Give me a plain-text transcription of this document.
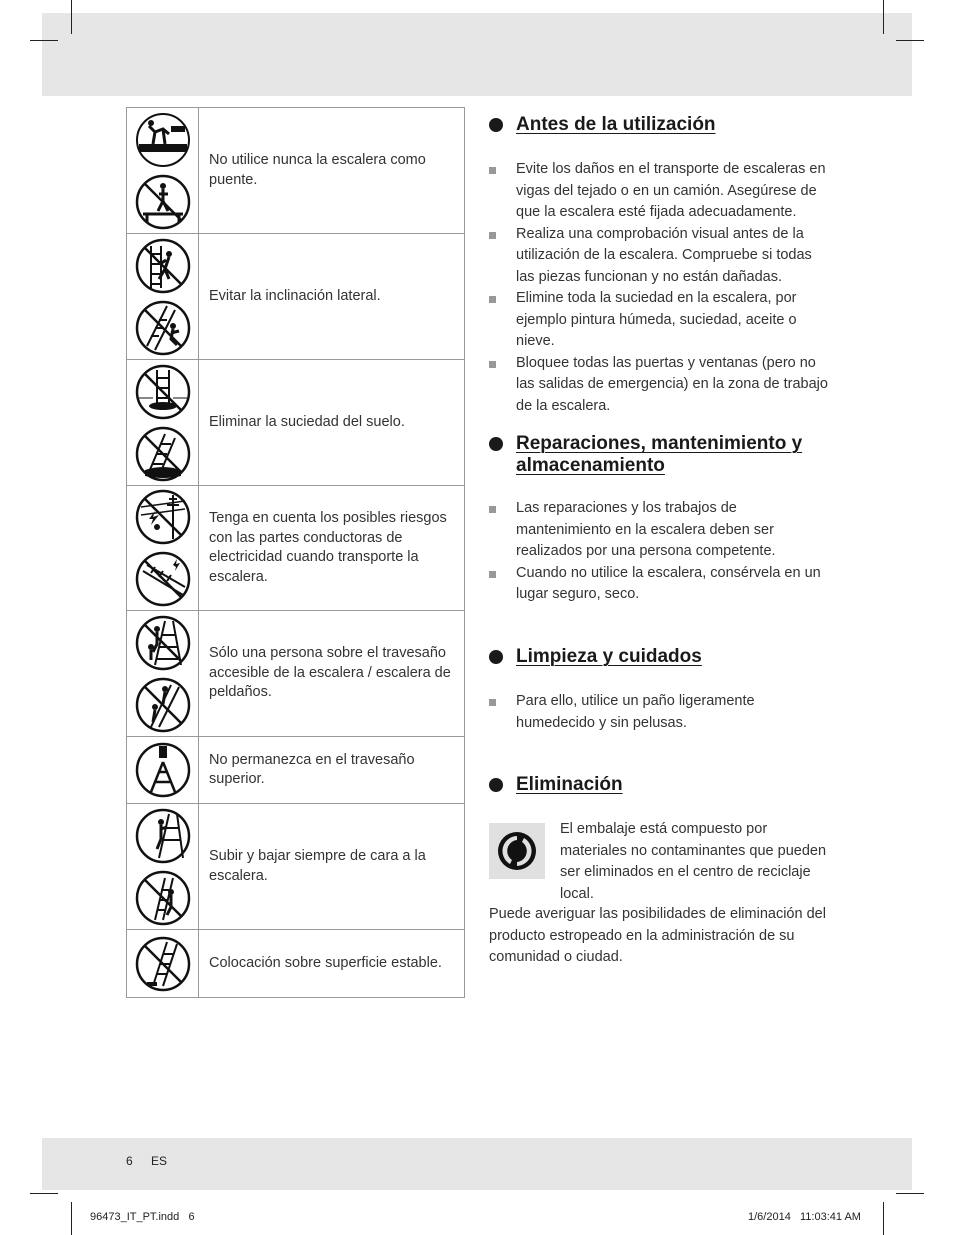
No utilice nunca la escalera como puente.
Evitar la inclinación lateral.
Eliminar la suciedad del suelo.
Tenga en cuenta los posibles riesgos con las partes conductoras de electricidad cuando transporte la escalera.
Sólo una persona sobre el travesaño accesible de la escalera / escalera de peldaños.
No permanezca en el travesaño superior.
Subir y bajar siempre de cara a la escalera.
Colocación sobre superficie estable.
Antes de la utilización
Evite los daños en el transporte de escaleras en vigas del tejado o en un camión. Asegúrese de que la escalera esté fijada adecuadamente.
Realiza una comprobación visual antes de la utilización de la escalera. Compruebe si todas las piezas funcionan y no están dañadas.
Elimine toda la suciedad en la escalera, por ejemplo pintura húmeda, suciedad, aceite o nieve.
Bloquee todas las puertas y ventanas (pero no las salidas de emergencia) en la zona de trabajo de la escalera.
Reparaciones, mantenimiento y almacenamiento
Las reparaciones y los trabajos de mantenimiento en la escalera deben ser realizados por una persona competente.
Cuando no utilice la escalera, consérvela en un lugar seguro, seco.
Limpieza y cuidados
Para ello, utilice un paño ligeramente humedecido y sin pelusas.
Eliminación
El embalaje está compuesto por materiales no contaminantes que pueden ser eliminados en el centro de reciclaje local.
Puede averiguar las posibilidades de eliminación del producto estropeado en la administración de su comunidad o ciudad.
6 ES
96473_IT_PT.indd   6	1/6/2014   11:03:41 AM
